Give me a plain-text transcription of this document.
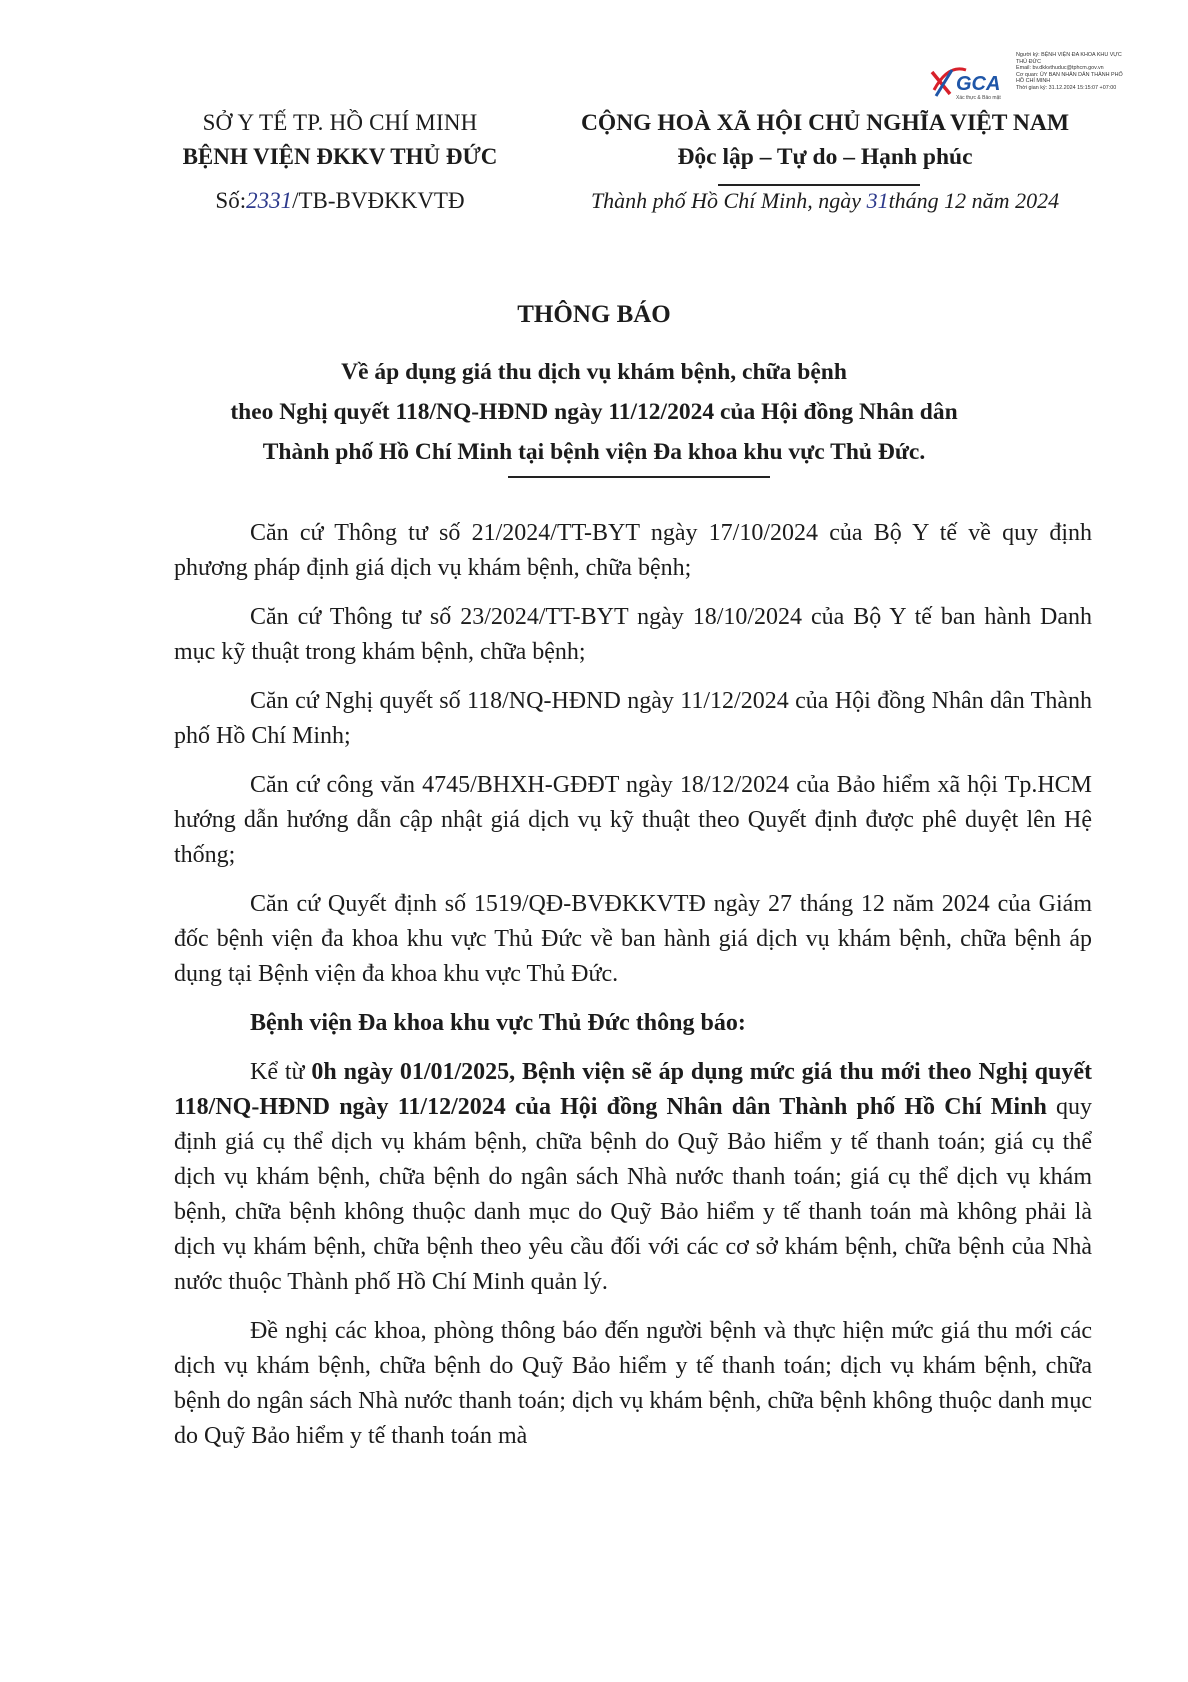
GCA
Xác thực & Bảo mật
Người ký: BỆNH VIỆN ĐA KHOA KHU VỰC THỦ ĐỨC
Email: bv.dkkvthuduc@tphcm.gov.vn
Cơ quan: ỦY BAN NHÂN DÂN THÀNH PHỐ HỒ CHÍ MINH
Thời gian ký: 31.12.2024 15:15:07 +07:00
SỞ Y TẾ TP. HỒ CHÍ MINH
BỆNH VIỆN ĐKKV THỦ ĐỨC
Số:2331/TB-BVĐKKVTĐ
CỘNG HOÀ XÃ HỘI CHỦ NGHĨA VIỆT NAM
Độc lập – Tự do – Hạnh phúc
Thành phố Hồ Chí Minh, ngày 31tháng 12 năm 2024
THÔNG BÁO
Về áp dụng giá thu dịch vụ khám bệnh, chữa bệnh
theo Nghị quyết 118/NQ-HĐND ngày 11/12/2024 của Hội đồng Nhân dân
Thành phố Hồ Chí Minh tại bệnh viện Đa khoa khu vực Thủ Đức.

Căn cứ Thông tư số 21/2024/TT-BYT ngày 17/10/2024 của Bộ Y tế về quy định phương pháp định giá dịch vụ khám bệnh, chữa bệnh;

Căn cứ Thông tư số 23/2024/TT-BYT ngày 18/10/2024 của Bộ Y tế ban hành Danh mục kỹ thuật trong khám bệnh, chữa bệnh;

Căn cứ Nghị quyết số 118/NQ-HĐND ngày 11/12/2024 của Hội đồng Nhân dân Thành phố Hồ Chí Minh;

Căn cứ công văn 4745/BHXH-GĐĐT ngày 18/12/2024 của Bảo hiểm xã hội Tp.HCM hướng dẫn hướng dẫn cập nhật giá dịch vụ kỹ thuật theo Quyết định được phê duyệt lên Hệ thống;

Căn cứ Quyết định số 1519/QĐ-BVĐKKVTĐ ngày 27 tháng 12 năm 2024 của Giám đốc bệnh viện đa khoa khu vực Thủ Đức về ban hành giá dịch vụ khám bệnh, chữa bệnh áp dụng tại Bệnh viện đa khoa khu vực Thủ Đức.

Bệnh viện Đa khoa khu vực Thủ Đức thông báo:

Kể từ 0h ngày 01/01/2025, Bệnh viện sẽ áp dụng mức giá thu mới theo Nghị quyết 118/NQ-HĐND ngày 11/12/2024 của Hội đồng Nhân dân Thành phố Hồ Chí Minh quy định giá cụ thể dịch vụ khám bệnh, chữa bệnh do Quỹ Bảo hiểm y tế thanh toán; giá cụ thể dịch vụ khám bệnh, chữa bệnh do ngân sách Nhà nước thanh toán; giá cụ thể dịch vụ khám bệnh, chữa bệnh không thuộc danh mục do Quỹ Bảo hiểm y tế thanh toán mà không phải là dịch vụ khám bệnh, chữa bệnh theo yêu cầu đối với các cơ sở khám bệnh, chữa bệnh của Nhà nước thuộc Thành phố Hồ Chí Minh quản lý.

Đề nghị các khoa, phòng thông báo đến người bệnh và thực hiện mức giá thu mới các dịch vụ khám bệnh, chữa bệnh do Quỹ Bảo hiểm y tế thanh toán; dịch vụ khám bệnh, chữa bệnh do ngân sách Nhà nước thanh toán; dịch vụ khám bệnh, chữa bệnh không thuộc danh mục do Quỹ Bảo hiểm y tế thanh toán mà
